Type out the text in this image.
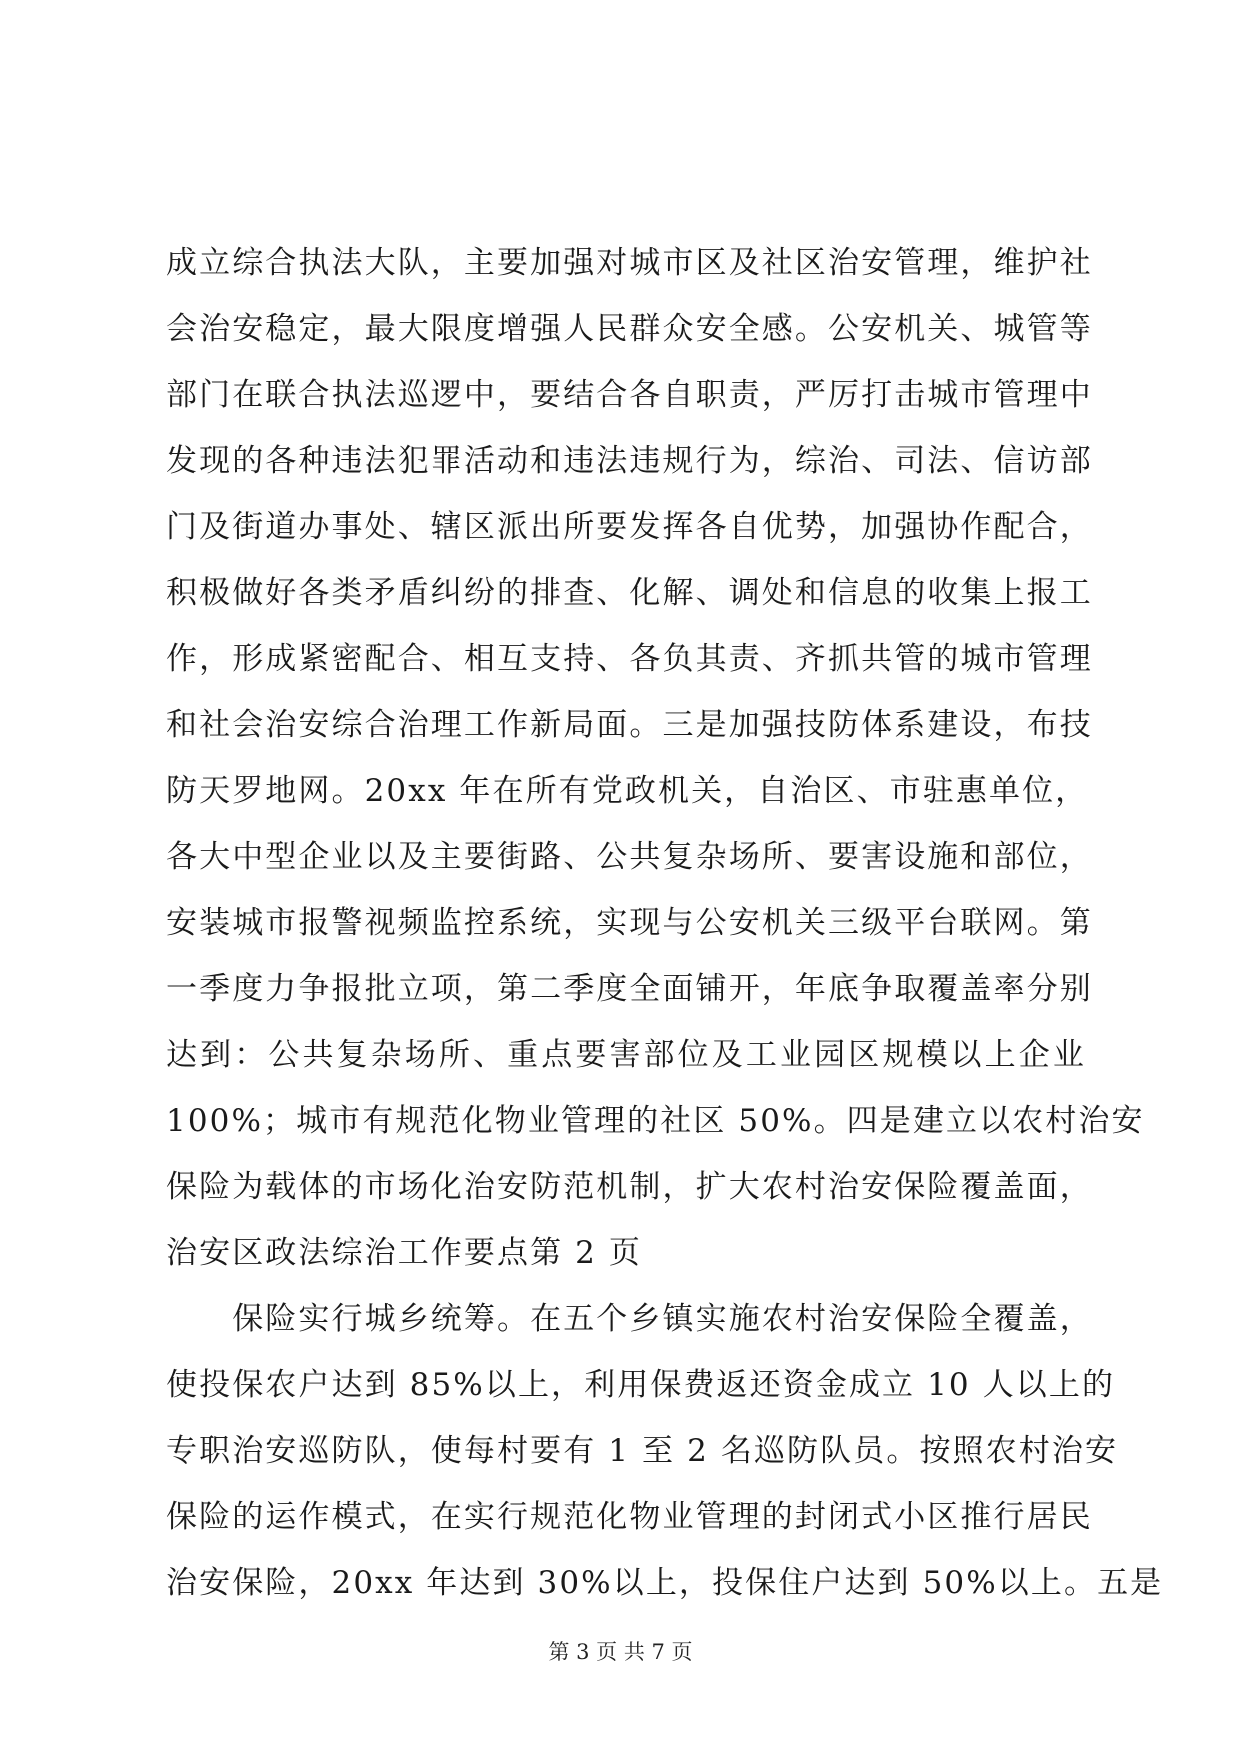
成立综合执法大队，主要加强对城市区及社区治安管理，维护社
会治安稳定，最大限度增强人民群众安全感。公安机关、城管等
部门在联合执法巡逻中，要结合各自职责，严厉打击城市管理中
发现的各种违法犯罪活动和违法违规行为，综治、司法、信访部
门及街道办事处、辖区派出所要发挥各自优势，加强协作配合，
积极做好各类矛盾纠纷的排查、化解、调处和信息的收集上报工
作，形成紧密配合、相互支持、各负其责、齐抓共管的城市管理
和社会治安综合治理工作新局面。三是加强技防体系建设，布技
防天罗地网。20xx 年在所有党政机关，自治区、市驻惠单位，
各大中型企业以及主要街路、公共复杂场所、要害设施和部位，
安装城市报警视频监控系统，实现与公安机关三级平台联网。第
一季度力争报批立项，第二季度全面铺开，年底争取覆盖率分别
达到：公共复杂场所、重点要害部位及工业园区规模以上企业
100%；城市有规范化物业管理的社区 50%。四是建立以农村治安
保险为载体的市场化治安防范机制，扩大农村治安保险覆盖面，
治安区政法综治工作要点第 2 页
　　保险实行城乡统筹。在五个乡镇实施农村治安保险全覆盖，
使投保农户达到 85%以上，利用保费返还资金成立 10 人以上的
专职治安巡防队，使每村要有 1 至 2 名巡防队员。按照农村治安
保险的运作模式，在实行规范化物业管理的封闭式小区推行居民
治安保险，20xx 年达到 30%以上，投保住户达到 50%以上。五是
第 3 页 共 7 页
